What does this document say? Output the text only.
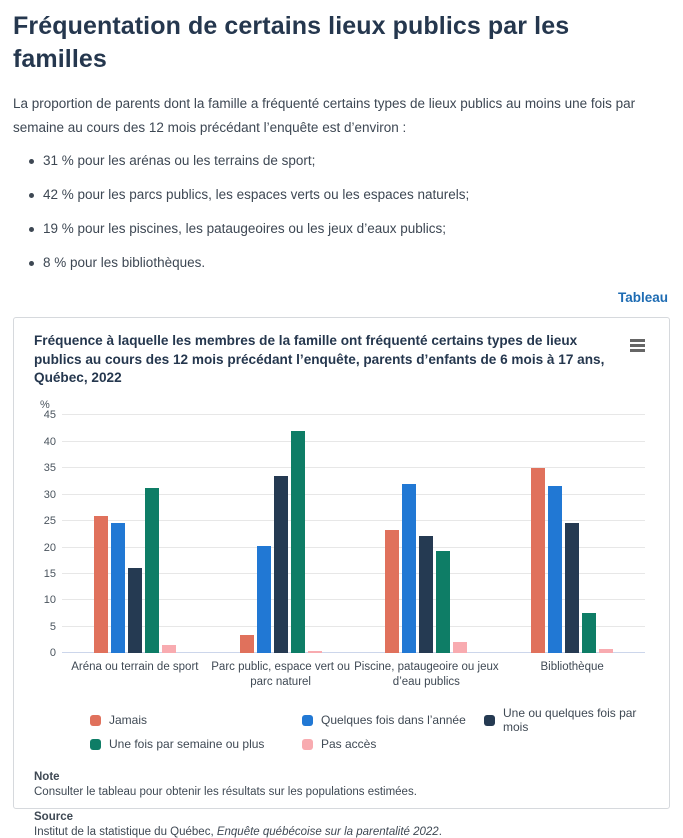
Fréquentation de certains lieux publics par les familles

La proportion de parents dont la famille a fréquenté certains types de lieux publics au moins une fois par semaine au cours des 12 mois précédant l’enquête est d’environ :

31 % pour les arénas ou les terrains de sport;
42 % pour les parcs publics, les espaces verts ou les espaces naturels;
19 % pour les piscines, les pataugeoires ou les jeux d’eaux publics;
8 % pour les bibliothèques.
Tableau
Fréquence à laquelle les membres de la famille ont fréquenté certains types de lieux publics au cours des 12 mois précédant l’enquête, parents d’enfants de 6 mois à 17 ans, Québec, 2022
%
0
5
10
15
20
25
30
35
40
45
Aréna ou terrain de sport	Parc public, espace vert ou parc naturel
Piscine, pataugeoire ou jeux d’eau publics
Bibliothèque
Jamais	Quelques fois dans l’année	Une ou quelques fois par mois
Une fois par semaine ou plus	Pas accès
Note
Consulter le tableau pour obtenir les résultats sur les populations estimées.
Source
Institut de la statistique du Québec, Enquête québécoise sur la parentalité 2022.
